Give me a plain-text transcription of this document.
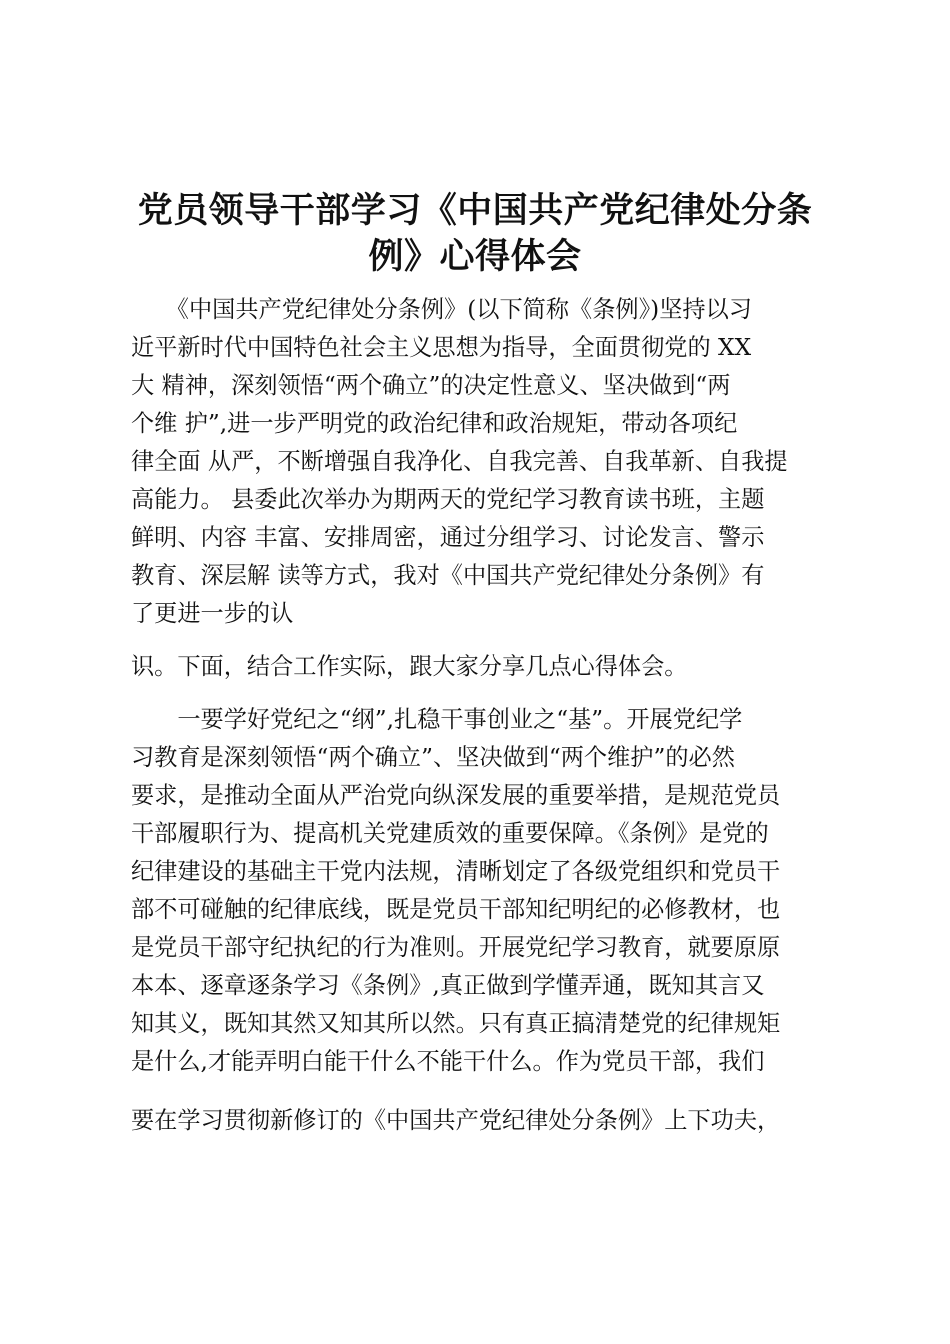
党员领导干部学习《中国共产党纪律处分条
例》心得体会

　　《中国共产党纪律处分条例》(以下简称《条例》)坚持以习

近平新时代中国特色社会主义思想为指导，全面贯彻党的 XX

大 精神，深刻领悟“两个确立”的决定性意义、坚决做到“两

个维 护”,进一步严明党的政治纪律和政治规矩，带动各项纪

律全面 从严，不断增强自我净化、自我完善、自我革新、自我提

高能力。 县委此次举办为期两天的党纪学习教育读书班，主题

鲜明、内容 丰富、安排周密，通过分组学习、讨论发言、警示

教育、深层解 读等方式，我对《中国共产党纪律处分条例》有

了更进一步的认

识。下面，结合工作实际，跟大家分享几点心得体会。

　　一要学好党纪之“纲”,扎稳干事创业之“基”。开展党纪学

习教育是深刻领悟“两个确立”、坚决做到“两个维护”的必然

要求，是推动全面从严治党向纵深发展的重要举措，是规范党员

干部履职行为、提高机关党建质效的重要保障。《条例》是党的

纪律建设的基础主干党内法规，清晰划定了各级党组织和党员干

部不可碰触的纪律底线，既是党员干部知纪明纪的必修教材，也

是党员干部守纪执纪的行为准则。开展党纪学习教育，就要原原

本本、逐章逐条学习《条例》,真正做到学懂弄通，既知其言又

知其义，既知其然又知其所以然。只有真正搞清楚党的纪律规矩

是什么,才能弄明白能干什么不能干什么。作为党员干部，我们

要在学习贯彻新修订的《中国共产党纪律处分条例》上下功夫，
